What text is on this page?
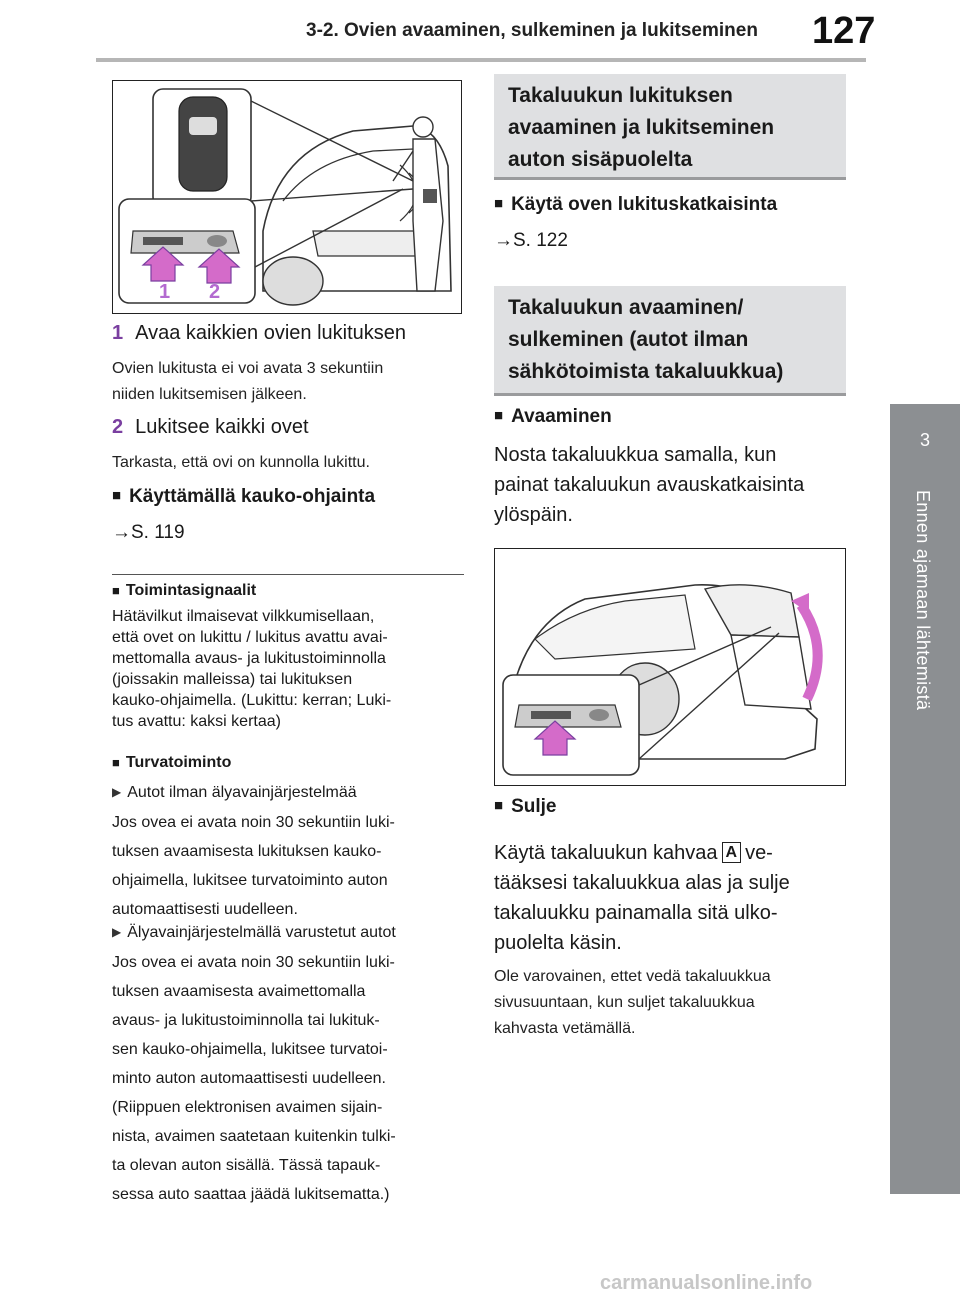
3-2. Ovien avaaminen, sulkeminen ja lukitseminen 127
3
Ennen ajamaan lähtemistä
1 2

1 Avaa kaikkien ovien lukituksen

Ovien lukitusta ei voi avata 3 sekuntiin

niiden lukitsemisen jälkeen.

2 Lukitsee kaikki ovet

Tarkasta, että ovi on kunnolla lukittu.

■ Käyttämällä kauko-ohjainta

→S. 119

■ Toimintasignaalit

Hätävilkut ilmaisevat vilkkumisellaan,
että ovet on lukittu / lukitus avattu avai-
mettomalla avaus- ja lukitustoiminnolla
(joissakin malleissa) tai lukituksen
kauko-ohjaimella. (Lukittu: kerran; Luki-
tus avattu: kaksi kertaa)

■ Turvatoiminto

▶ Autot ilman älyavainjärjestelmää

Jos ovea ei avata noin 30 sekuntiin luki-
tuksen avaamisesta lukituksen kauko-
ohjaimella, lukitsee turvatoiminto auton
automaattisesti uudelleen.

▶ Älyavainjärjestelmällä varustetut autot

Jos ovea ei avata noin 30 sekuntiin luki-
tuksen avaamisesta avaimettomalla
avaus- ja lukitustoiminnolla tai lukituk-
sen kauko-ohjaimella, lukitsee turvatoi-
minto auton automaattisesti uudelleen.
(Riippuen elektronisen avaimen sijain-
nista, avaimen saatetaan kuitenkin tulki-
ta olevan auton sisällä. Tässä tapauk-
sessa auto saattaa jäädä lukitsematta.)
Takaluukun lukituksen
avaaminen ja lukitseminen
auton sisäpuolelta

■ Käytä oven lukituskatkaisinta

→S. 122

Takaluukun avaaminen/
sulkeminen (autot ilman
sähkötoimista takaluukkua)

■ Avaaminen

Nosta takaluukkua samalla, kun
painat takaluukun avauskatkaisinta
ylöspäin.

■ Sulje

Käytä takaluukun kahvaa A ve-
tääksesi takaluukkua alas ja sulje
takaluukku painamalla sitä ulko-
puolelta käsin.
Ole varovainen, ettet vedä takaluukkua
sivusuuntaan, kun suljet takaluukkua
kahvasta vetämällä.
carmanualsonline.info
